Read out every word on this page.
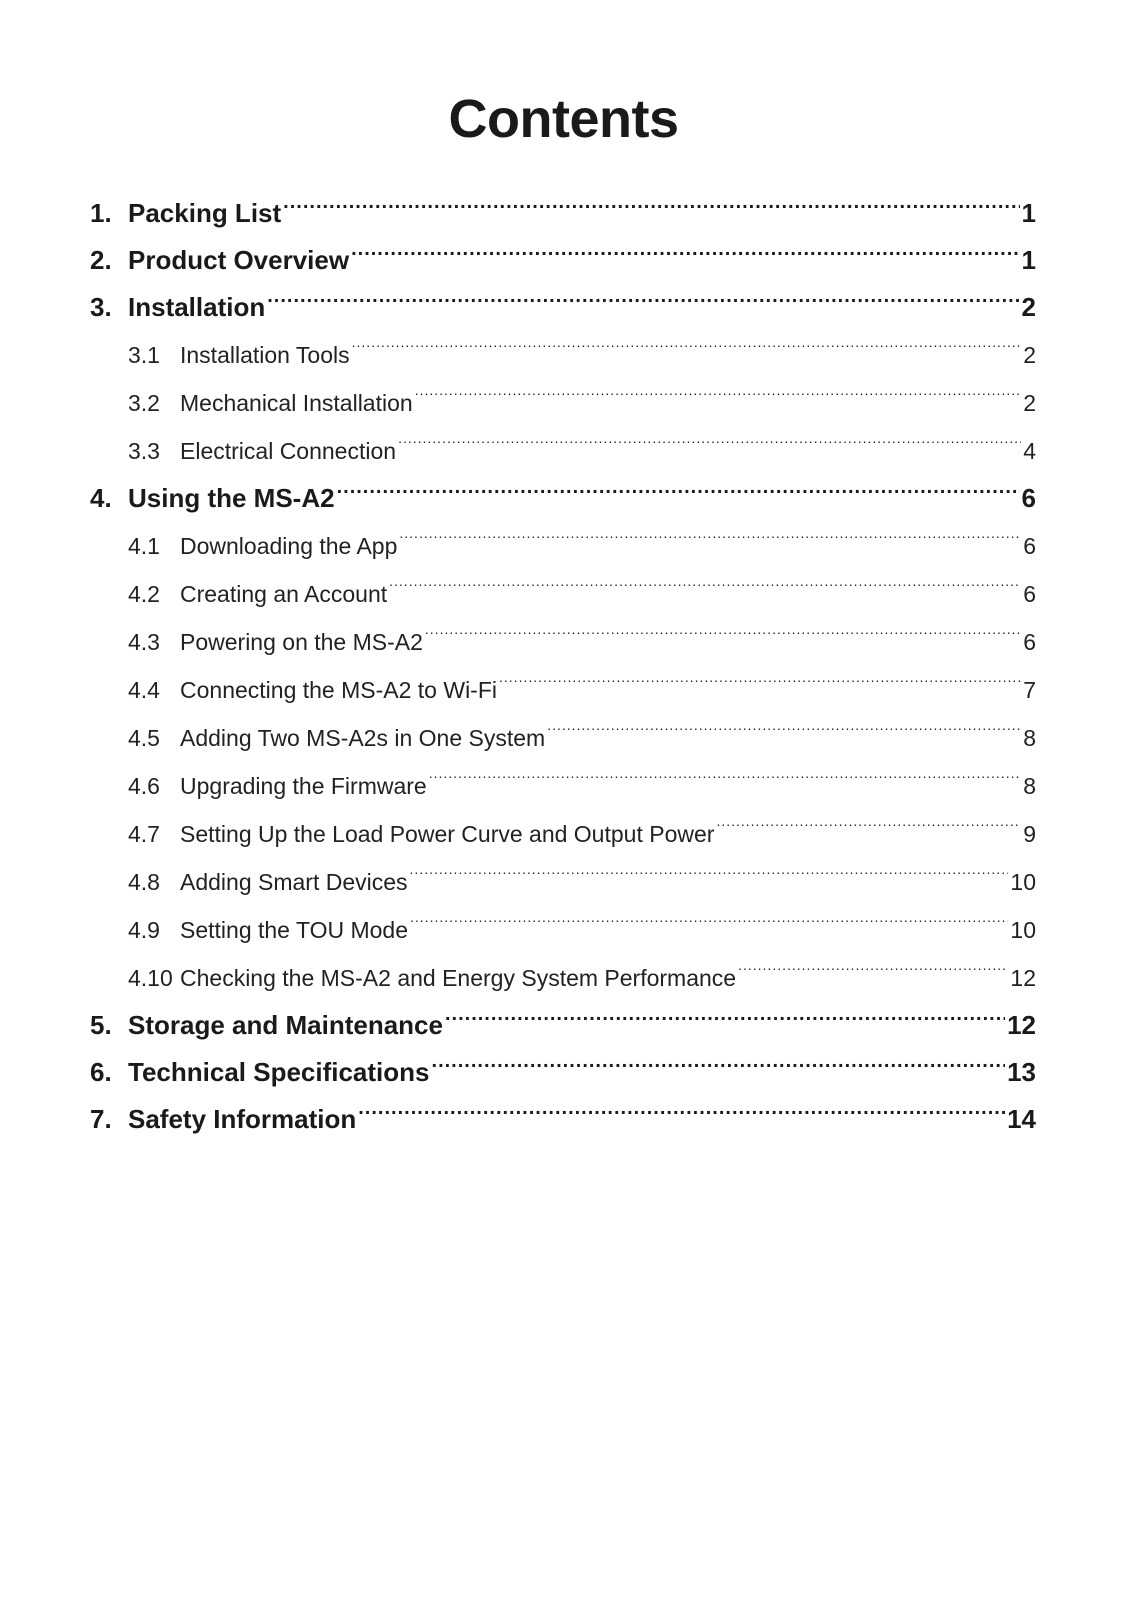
Contents
1. Packing List .....	1
2. Product Overview .....	1
3. Installation .....	2
3.1 Installation Tools .....	2
3.2 Mechanical Installation .....	2
3.3 Electrical Connection .....	4
4. Using the MS-A2 .....	6
4.1 Downloading the App .....	6
4.2 Creating an Account .....	6
4.3 Powering on the MS-A2 .....	6
4.4 Connecting the MS-A2 to Wi-Fi .....	7
4.5 Adding Two MS-A2s in One System .....	8
4.6 Upgrading the Firmware .....	8
4.7 Setting Up the Load Power Curve and Output Power .....	9
4.8 Adding Smart Devices .....	10
4.9 Setting the TOU Mode .....	10
4.10 Checking the MS-A2 and Energy System Performance .....	12
5. Storage and Maintenance .....	12
6. Technical Specifications .....	13
7. Safety Information .....	14
